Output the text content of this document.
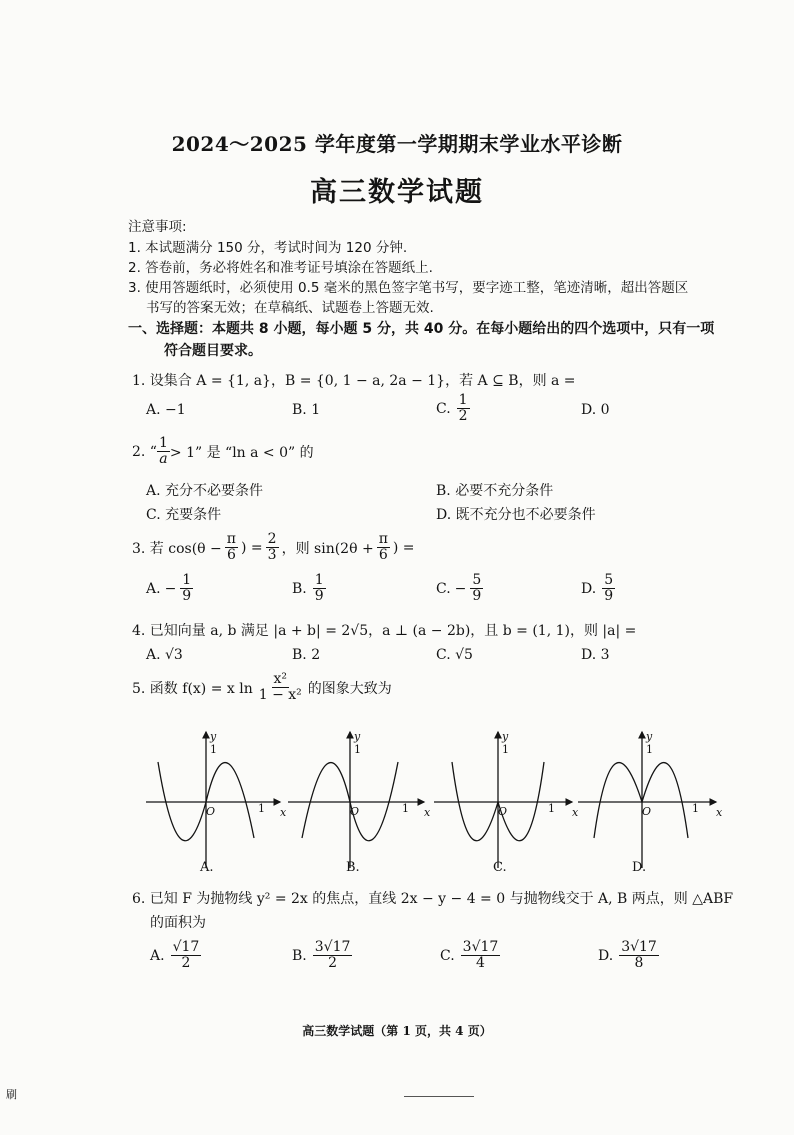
2024～2025 学年度第一学期期末学业水平诊断
高三数学试题
注意事项:
1. 本试题满分 150 分，考试时间为 120 分钟.
2. 答卷前，务必将姓名和准考证号填涂在答题纸上.
3. 使用答题纸时，必须使用 0.5 毫米的黑色签字笔书写，要字迹工整，笔迹清晰，超出答题区
书写的答案无效；在草稿纸、试题卷上答题无效.
一、选择题：本题共 8 小题，每小题 5 分，共 40 分。在每小题给出的四个选项中，只有一项
符合题目要求。
1. 设集合 A = {1, a}，B = {0, 1 − a, 2a − 1}，若 A ⊆ B，则 a =
A. −1	B. 1	C. $\frac{1}{2}$	D. 0
2. “ $\frac{1}{a} > 1$” 是 “ln a < 0” 的
A. 充分不必要条件	B. 必要不充分条件
C. 充要条件	D. 既不充分也不必要条件
3. 若 $\cos(\theta - \frac{\pi}{6}$ ) = $\frac{2}{3}$ ，则 $\sin(2\theta + \frac{\pi}{6}$ ) =
A. − $\frac{1}{9}$	B. $\frac{1}{9}$	C. − $\frac{5}{9}$	D. $\frac{5}{9}$
4. 已知向量 a, b 满足 |a + b| = 2√5，a ⊥ (a − 2b)，且 b = (1, 1)，则 |a| =
A. √3	B. 2	C. √5	D. 3
5. 函数 f(x) = x $\ln \frac{\text{x²}}{\text{1 − x²}}$ 的图象大致为
y
x
1
O	1
y
x
1
O	1
y
x
1
O	1
y
x
1
O	1
A.	B.	C.	D.
6. 已知 F 为抛物线 y² = 2x 的焦点，直线 2x − y − 4 = 0 与抛物线交于 A, B 两点，则 △ABF
的面积为
A. $\frac{√17}{2}$	B. $\frac{3√17}{2}$	C. $\frac{3√17}{4}$	D. $\frac{3√17}{8}$
高三数学试题（第 1 页，共 4 页）
刷
